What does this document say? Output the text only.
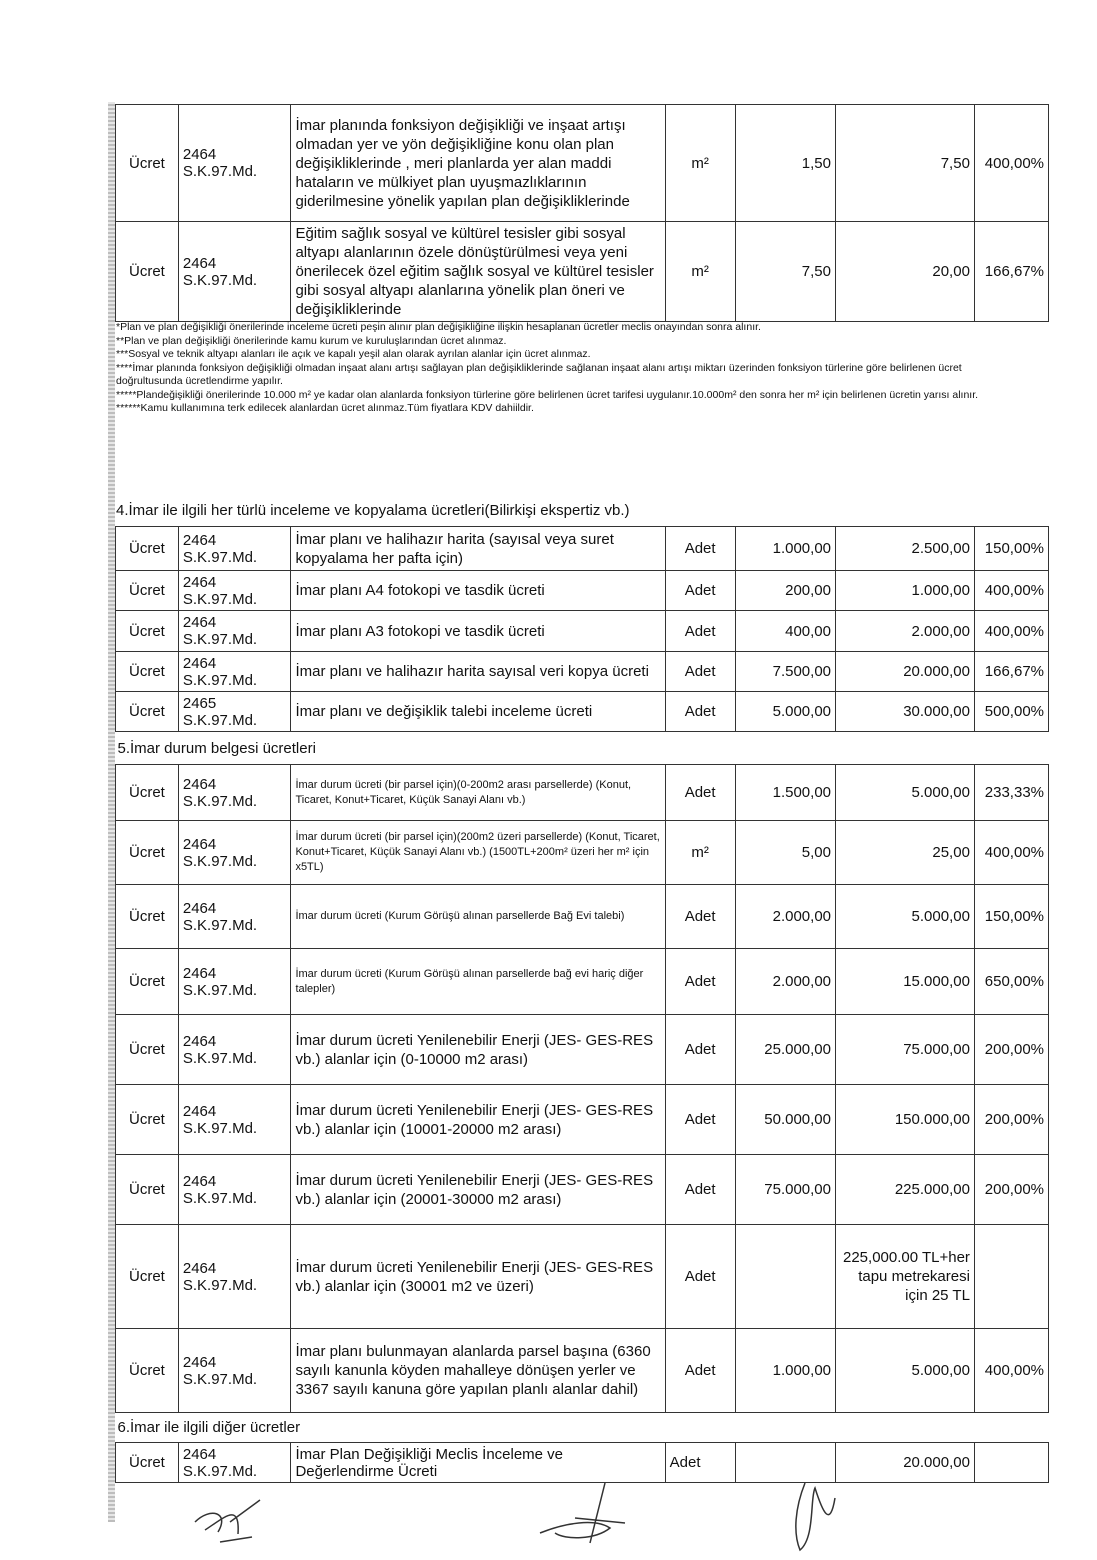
Ücret	2464 S.K.97.Md.	İmar planında fonksiyon değişikliği ve inşaat artışı olmadan yer ve yön değişikliğine konu olan plan değişikliklerinde , meri planlarda yer alan maddi hataların ve mülkiyet plan uyuşmazlıklarının giderilmesine yönelik yapılan plan değişikliklerinde	m²	1,50	7,50	400,00%
Ücret	2464 S.K.97.Md.	Eğitim sağlık sosyal ve kültürel tesisler gibi sosyal altyapı alanlarının özele dönüştürülmesi veya yeni önerilecek özel eğitim sağlık sosyal ve kültürel tesisler gibi sosyal altyapı alanlarına yönelik plan öneri ve değişikliklerinde	m²	7,50	20,00	166,67%
*Plan ve plan değişikliği önerilerinde inceleme ücreti peşin alınır plan değişikliğine ilişkin hesaplanan ücretler meclis onayından sonra alınır.
**Plan ve plan değişikliği önerilerinde kamu kurum ve kuruluşlarından ücret alınmaz.
***Sosyal ve teknik altyapı alanları ile açık ve kapalı yeşil alan olarak ayrılan alanlar için ücret alınmaz.
****İmar planında fonksiyon değişikliği olmadan inşaat alanı artışı sağlayan plan değişikliklerinde sağlanan inşaat alanı artışı miktarı üzerinden fonksiyon türlerine göre belirlenen ücret
doğrultusunda ücretlendirme yapılır.
*****Plandeğişikliği önerilerinde 10.000 m² ye kadar olan alanlarda fonksiyon türlerine göre belirlenen ücret tarifesi uygulanır.10.000m² den sonra her m² için belirlenen ücretin yarısı alınır.
******Kamu kullanımına terk edilecek alanlardan ücret alınmaz.Tüm fiyatlara KDV dahiildir.
4.İmar ile ilgili her türlü inceleme ve kopyalama ücretleri(Bilirkişi ekspertiz vb.)
Ücret	2464 S.K.97.Md.	İmar planı ve halihazır harita (sayısal veya suret kopyalama her pafta için)	Adet	1.000,00	2.500,00	150,00%
Ücret	2464 S.K.97.Md.	İmar planı A4 fotokopi ve tasdik ücreti	Adet	200,00	1.000,00	400,00%
Ücret	2464 S.K.97.Md.	İmar planı A3 fotokopi ve tasdik ücreti	Adet	400,00	2.000,00	400,00%
Ücret	2464 S.K.97.Md.	İmar planı ve halihazır harita sayısal veri kopya ücreti	Adet	7.500,00	20.000,00	166,67%
Ücret	2465 S.K.97.Md.	İmar planı ve değişiklik talebi inceleme ücreti	Adet	5.000,00	30.000,00	500,00%
5.İmar durum belgesi ücretleri						
Ücret	2464 S.K.97.Md.	İmar durum ücreti (bir parsel için)(0-200m2 arası parsellerde) (Konut, Ticaret, Konut+Ticaret, Küçük Sanayi Alanı vb.)	Adet	1.500,00	5.000,00	233,33%
Ücret	2464 S.K.97.Md.	İmar durum ücreti (bir parsel için)(200m2 üzeri parsellerde) (Konut, Ticaret, Konut+Ticaret, Küçük Sanayi Alanı vb.) (1500TL+200m² üzeri her m² için x5TL)	m²	5,00	25,00	400,00%
Ücret	2464 S.K.97.Md.	İmar durum ücreti (Kurum Görüşü alınan parsellerde Bağ Evi talebi)	Adet	2.000,00	5.000,00	150,00%
Ücret	2464 S.K.97.Md.	İmar durum ücreti (Kurum Görüşü alınan parsellerde bağ evi hariç diğer talepler)	Adet	2.000,00	15.000,00	650,00%
Ücret	2464 S.K.97.Md.	İmar durum ücreti Yenilenebilir Enerji (JES- GES-RES vb.) alanlar için (0-10000 m2 arası)	Adet	25.000,00	75.000,00	200,00%
Ücret	2464 S.K.97.Md.	İmar durum ücreti Yenilenebilir Enerji (JES- GES-RES vb.) alanlar için (10001-20000 m2 arası)	Adet	50.000,00	150.000,00	200,00%
Ücret	2464 S.K.97.Md.	İmar durum ücreti Yenilenebilir Enerji (JES- GES-RES vb.) alanlar için (20001-30000 m2 arası)	Adet	75.000,00	225.000,00	200,00%
Ücret	2464 S.K.97.Md.	İmar durum ücreti Yenilenebilir Enerji (JES- GES-RES vb.) alanlar için (30001 m2 ve üzeri)	Adet		225,000.00 TL+her tapu metrekaresi için 25 TL	
Ücret	2464 S.K.97.Md.	İmar planı bulunmayan alanlarda parsel başına (6360 sayılı kanunla köyden mahalleye dönüşen yerler ve 3367 sayılı kanuna göre yapılan planlı alanlar dahil)	Adet	1.000,00	5.000,00	400,00%
6.İmar ile ilgili diğer ücretler						
Ücret	2464 S.K.97.Md.	İmar Plan Değişikliği Meclis İnceleme ve Değerlendirme Ücreti	Adet		20.000,00	
